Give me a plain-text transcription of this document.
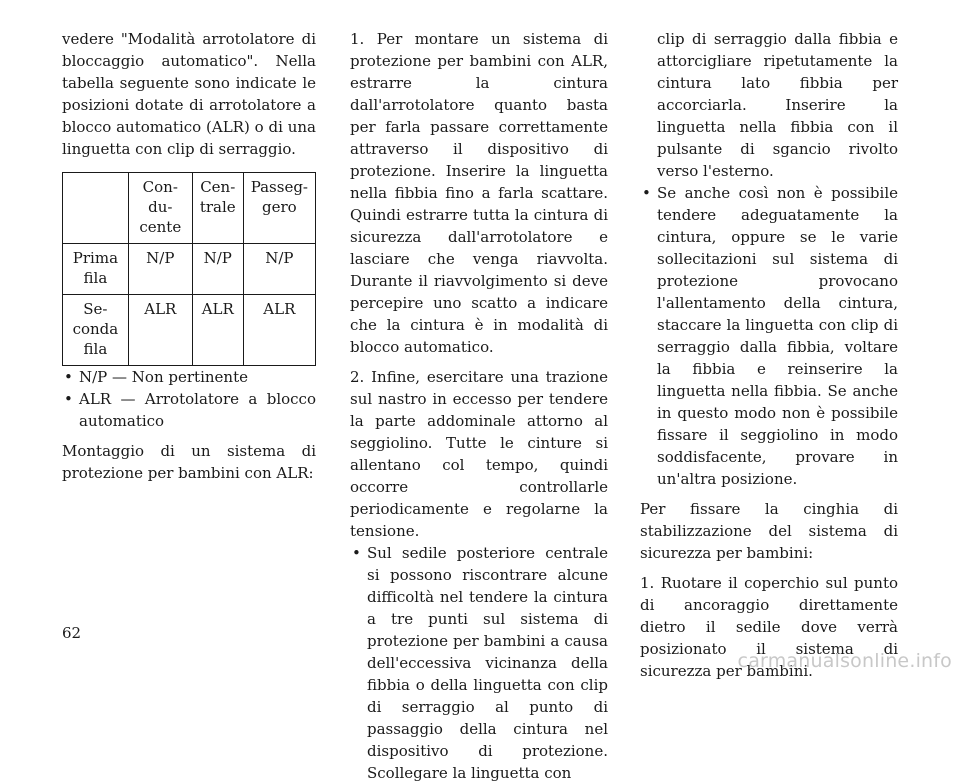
vedere "Modalità arrotolatore di bloccaggio automatico". Nella tabella seguente sono indicate le posizioni dotate di arrotolatore a blocco automatico (ALR) o di una linguetta con clip di serraggio.

	Con-du-cente	Cen-trale	Passeg-gero
Prima fila	N/P	N/P	N/P
Se-conda fila	ALR	ALR	ALR

• N/P — Non pertinente

• ALR — Arrotolatore a blocco automatico

Montaggio di un sistema di protezione per bambini con ALR:

1. Per montare un sistema di protezione per bambini con ALR, estrarre la cintura dall'arrotolatore quanto basta per farla passare correttamente attraverso il dispositivo di protezione. Inserire la linguetta nella fibbia fino a farla scattare. Quindi estrarre tutta la cintura di sicurezza dall'arrotolatore e lasciare che venga riavvolta. Durante il riavvolgimento si deve percepire uno scatto a indicare che la cintura è in modalità di blocco automatico.

2. Infine, esercitare una trazione sul nastro in eccesso per tendere la parte addominale attorno al seggiolino. Tutte le cinture si allentano col tempo, quindi occorre controllarle periodicamente e regolarne la tensione.

• Sul sedile posteriore centrale si possono riscontrare alcune difficoltà nel tendere la cintura a tre punti sul sistema di protezione per bambini a causa dell'eccessiva vicinanza della fibbia o della linguetta con clip di serraggio al punto di passaggio della cintura nel dispositivo di protezione. Scollegare la linguetta con

clip di serraggio dalla fibbia e attorcigliare ripetutamente la cintura lato fibbia per accorciarla. Inserire la linguetta nella fibbia con il pulsante di sgancio rivolto verso l'esterno.

• Se anche così non è possibile tendere adeguatamente la cintura, oppure se le varie sollecitazioni sul sistema di protezione provocano l'allentamento della cintura, staccare la linguetta con clip di serraggio dalla fibbia, voltare la fibbia e reinserire la linguetta nella fibbia. Se anche in questo modo non è possibile fissare il seggiolino in modo soddisfacente, provare in un'altra posizione.

Per fissare la cinghia di stabilizzazione del sistema di sicurezza per bambini:

1. Ruotare il coperchio sul punto di ancoraggio direttamente dietro il sedile dove verrà posizionato il sistema di sicurezza per bambini.

62
carmanualsonline.info
